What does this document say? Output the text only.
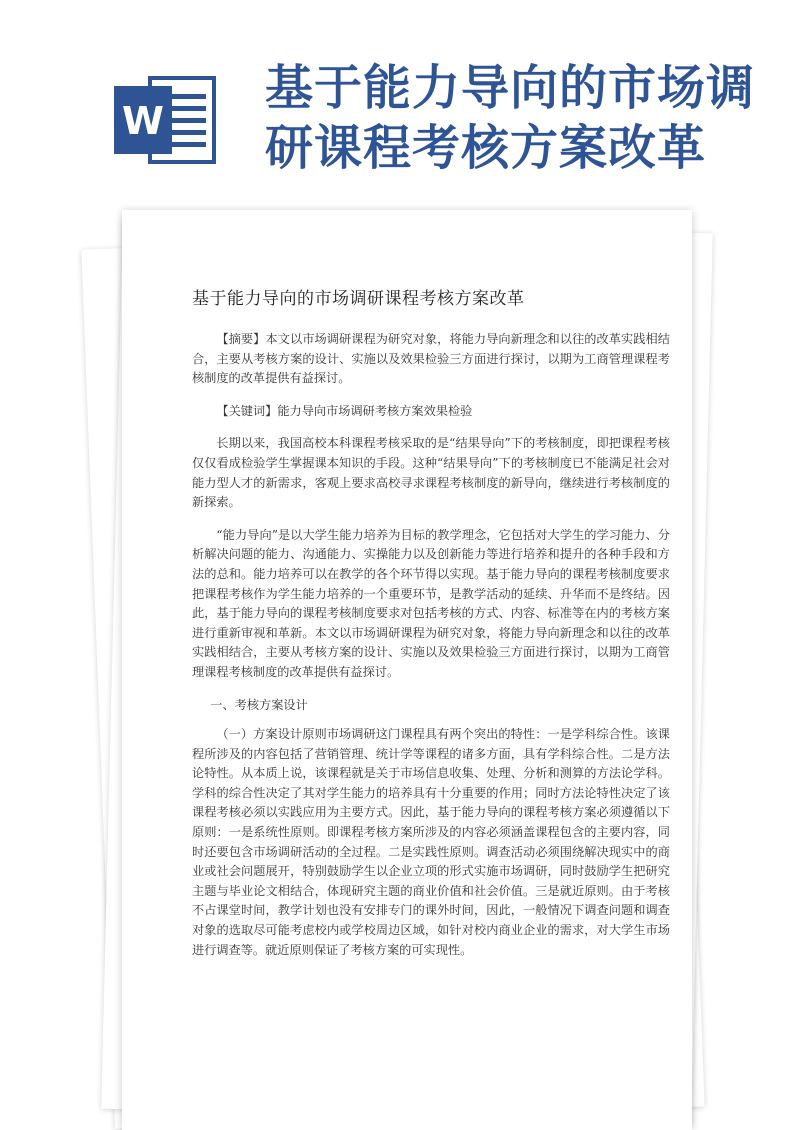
W
基于能力导向的市场调研课程考核方案改革
基于能力导向的市场调研课程考核方案改革

【摘要】本文以市场调研课程为研究对象，将能力导向新理念和以往的改革实践相结合，主要从考核方案的设计、实施以及效果检验三方面进行探讨，以期为工商管理课程考核制度的改革提供有益探讨。

【关键词】能力导向市场调研考核方案效果检验

长期以来，我国高校本科课程考核采取的是“结果导向”下的考核制度，即把课程考核仅仅看成检验学生掌握课本知识的手段。这种“结果导向”下的考核制度已不能满足社会对能力型人才的新需求，客观上要求高校寻求课程考核制度的新导向，继续进行考核制度的新探索。

“能力导向”是以大学生能力培养为目标的教学理念，它包括对大学生的学习能力、分析解决问题的能力、沟通能力、实操能力以及创新能力等进行培养和提升的各种手段和方法的总和。能力培养可以在教学的各个环节得以实现。基于能力导向的课程考核制度要求把课程考核作为学生能力培养的一个重要环节，是教学活动的延续、升华而不是终结。因此，基于能力导向的课程考核制度要求对包括考核的方式、内容、标准等在内的考核方案进行重新审视和革新。本文以市场调研课程为研究对象，将能力导向新理念和以往的改革实践相结合，主要从考核方案的设计、实施以及效果检验三方面进行探讨，以期为工商管理课程考核制度的改革提供有益探讨。

一、考核方案设计

（一）方案设计原则市场调研这门课程具有两个突出的特性：一是学科综合性。该课程所涉及的内容包括了营销管理、统计学等课程的诸多方面，具有学科综合性。二是方法论特性。从本质上说，该课程就是关于市场信息收集、处理、分析和测算的方法论学科。学科的综合性决定了其对学生能力的培养具有十分重要的作用；同时方法论特性决定了该课程考核必须以实践应用为主要方式。因此，基于能力导向的课程考核方案必须遵循以下原则：一是系统性原则。即课程考核方案所涉及的内容必须涵盖课程包含的主要内容，同时还要包含市场调研活动的全过程。二是实践性原则。调查活动必须围绕解决现实中的商业或社会问题展开，特别鼓励学生以企业立项的形式实施市场调研，同时鼓励学生把研究主题与毕业论文相结合，体现研究主题的商业价值和社会价值。三是就近原则。由于考核不占课堂时间，教学计划也没有安排专门的课外时间，因此，一般情况下调查问题和调查对象的选取尽可能考虑校内或学校周边区域，如针对校内商业企业的需求，对大学生市场进行调查等。就近原则保证了考核方案的可实现性。
